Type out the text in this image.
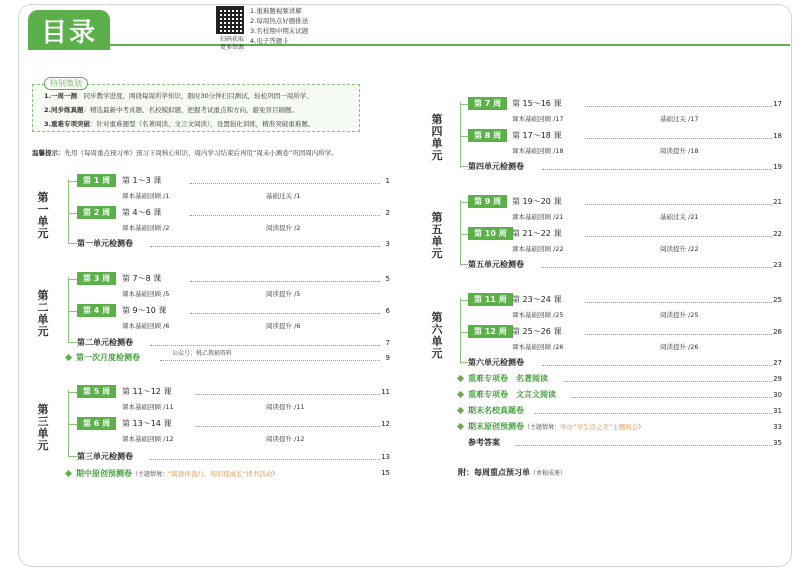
目录	扫码获取
更多资源
1.重难题视频讲解
2.每周热点好题推送
3.名校期中期末试题
4.电子答题卡
特别策划
1.一周一测：同步教学进度，围绕每周所学知识，限时30分钟扫目测试，轻松巩固一周所学。
2.同步练真题：精选最新中考真题、名校模拟题，把握考试重点和方向，避免盲目刷题。
3.重难专项突破：针对重难题型（名著阅读、文言文阅读），设置强化训练，精准突破重难题。
温馨提示：先用《每周重点预习单》预习下周核心知识，周内学习结束后再用“周末小测卷”巩固周内所学。
第一单元
第 1 周	第 1～3 课	1
课本基础回顾 /1	基础过关 /1
第 2 周	第 4～6 课	2
课本基础回顾 /2	阅读提升 /2
第一单元检测卷	3
第二单元
第 3 周	第 7～8 课	5
课本基础回顾 /5	阅读提升 /5
第 4 周	第 9～10 课	6
课本基础回顾 /6	阅读提升 /6
第二单元检测卷	7
公众号：桃乙教辅资料
第一次月度检测卷	9
第三单元
第 5 周	第 11～12 课	11
课本基础回顾 /11	阅读提升 /11
第 6 周	第 13～14 课	12
课本基础回顾 /12	阅读提升 /12
第三单元检测卷	13
期中原创预测卷（主题情境：“阅读伴我行，知识促成长”读书活动）	15
第四单元
第 7 周	第 15～16 课	17
课本基础回顾 /17	基础过关 /17
第 8 周	第 17～18 课	18
课本基础回顾 /18	阅读提升 /18
第四单元检测卷	19
第五单元
第 9 周	第 19～20 课	21
课本基础回顾 /21	基础过关 /21
第 10 周 第 21～22 课	22
课本基础回顾 /22	阅读提升 /22
第五单元检测卷	23
第六单元
第 11 周 第 23～24 课	25
课本基础回顾 /25	阅读提升 /25
第 12 周 第 25～26 课	26
课本基础回顾 /26	阅读提升 /26
第六单元检测卷	27
重难专项卷　 名著阅读	29
重难专项卷　 文言文阅读	30
期末名校真题卷	31
期末原创预测卷（主题情境：举办“寻生活之美”主题班会）	33
参考答案	35
附：每周重点预习单（单独成册）
